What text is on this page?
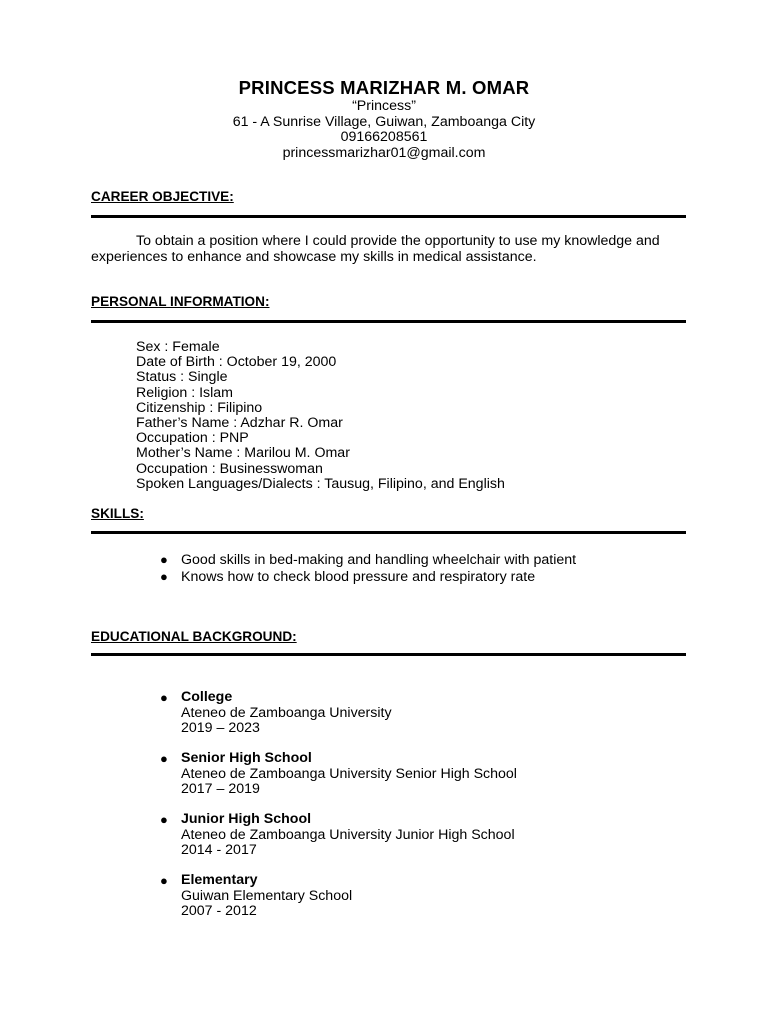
PRINCESS MARIZHAR M. OMAR
“Princess”
61 - A Sunrise Village, Guiwan, Zamboanga City
09166208561
princessmarizhar01@gmail.com
CAREER OBJECTIVE:
To obtain a position where I could provide the opportunity to use my knowledge and experiences to enhance and showcase my skills in medical assistance.
PERSONAL INFORMATION:
Sex : Female
Date of Birth : October 19, 2000
Status : Single
Religion : Islam
Citizenship : Filipino
Father’s Name : Adzhar R. Omar
Occupation : PNP
Mother’s Name : Marilou M. Omar
Occupation : Businesswoman
Spoken Languages/Dialects : Tausug, Filipino, and English
SKILLS:
● Good skills in bed-making and handling wheelchair with patient
● Knows how to check blood pressure and respiratory rate
EDUCATIONAL BACKGROUND:
● College
Ateneo de Zamboanga University
2019 – 2023
● Senior High School
Ateneo de Zamboanga University Senior High School
2017 – 2019
● Junior High School
Ateneo de Zamboanga University Junior High School
2014 - 2017
● Elementary
Guiwan Elementary School
2007 - 2012
